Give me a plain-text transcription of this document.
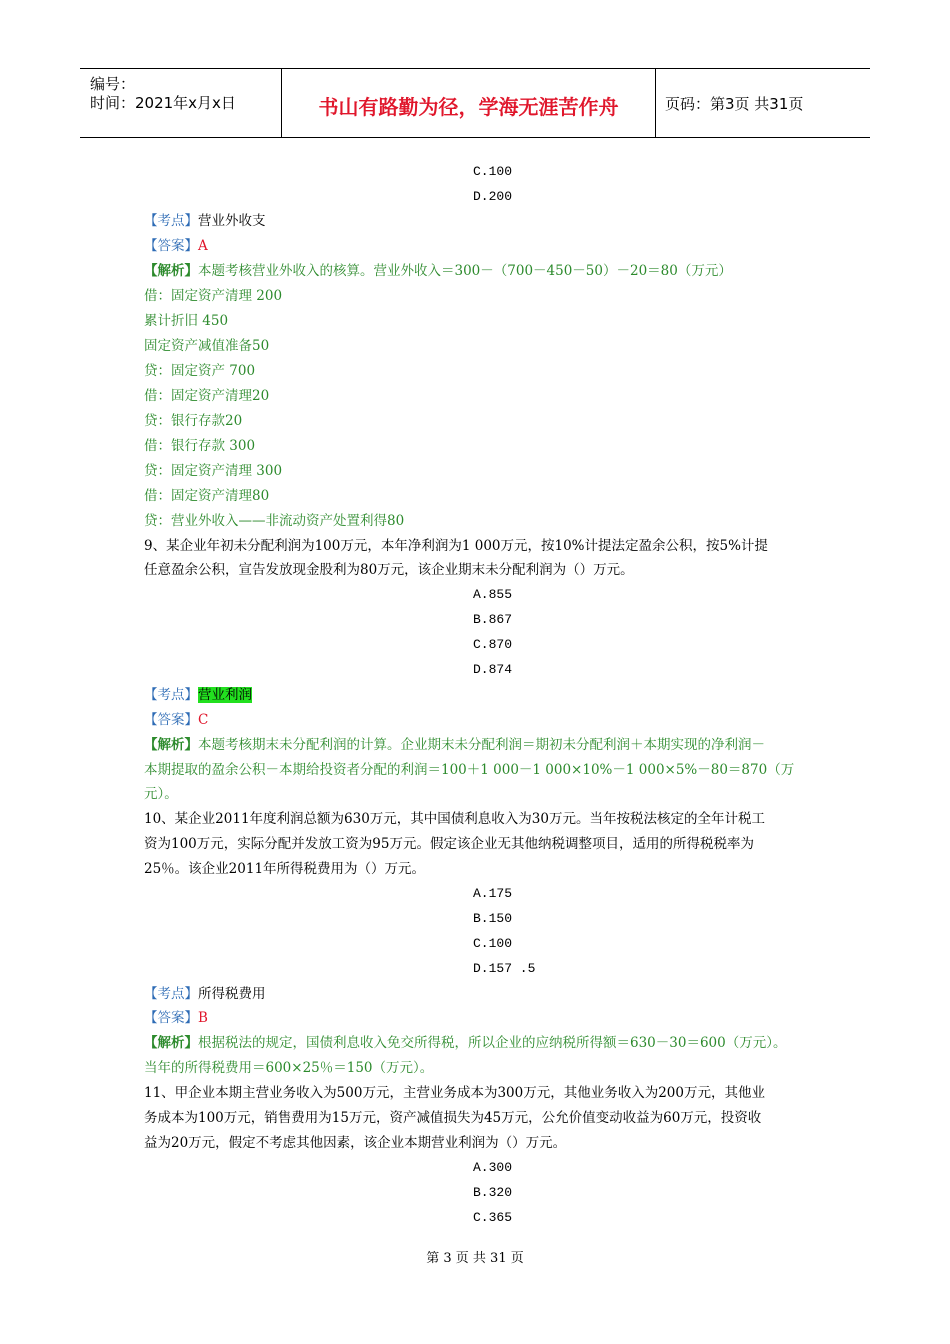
编号：
时间：2021年x月x日	书山有路勤为径，学海无涯苦作舟	页码：第3页 共31页
C.100
D.200
【考点】营业外收支
【答案】A
【解析】本题考核营业外收入的核算。营业外收入＝300－（700－450－50）－20＝80（万元）
借：固定资产清理 200
累计折旧 450
固定资产减值准备50
贷：固定资产 700
借：固定资产清理20
贷：银行存款20
借：银行存款 300
贷：固定资产清理 300
借：固定资产清理80
贷：营业外收入——非流动资产处置利得80
9、某企业年初未分配利润为100万元，本年净利润为1 000万元，按10%计提法定盈余公积，按5%计提
任意盈余公积，宣告发放现金股利为80万元，该企业期末未分配利润为（）万元。
A.855
B.867
C.870
D.874
【考点】营业利润
【答案】C
【解析】本题考核期末未分配利润的计算。企业期末未分配利润＝期初未分配利润＋本期实现的净利润－
本期提取的盈余公积－本期给投资者分配的利润＝100＋1 000－1 000×10%－1 000×5%－80＝870（万
元）。
10、某企业2011年度利润总额为630万元，其中国债利息收入为30万元。当年按税法核定的全年计税工
资为100万元，实际分配并发放工资为95万元。假定该企业无其他纳税调整项目，适用的所得税税率为
25％。该企业2011年所得税费用为（）万元。
A.175
B.150
C.100
D.157 .5
【考点】所得税费用
【答案】B
【解析】根据税法的规定，国债利息收入免交所得税，所以企业的应纳税所得额＝630－30＝600（万元）。
当年的所得税费用＝600×25％＝150（万元）。
11、甲企业本期主营业务收入为500万元，主营业务成本为300万元，其他业务收入为200万元，其他业
务成本为100万元，销售费用为15万元，资产减值损失为45万元，公允价值变动收益为60万元，投资收
益为20万元，假定不考虑其他因素，该企业本期营业利润为（）万元。
A.300
B.320
C.365
第 3 页 共 31 页
